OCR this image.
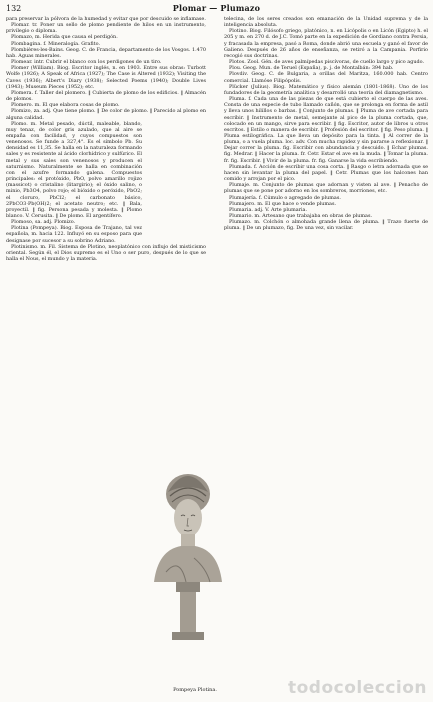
132	Plomar — Plumazo

para preservar la pólvora de la humedad y evitar que por descuido se inflamase.

Plomar. tr. Poner un sello de plomo pendiente de hilos en un instrumento, privilegio o diploma.

Plomazo, m. Herida que causa el perdigón.

Plombagina. f. Mineralogía. Grafito.

Plombières-les-Bains. Geog. C. de Francia, departamento de los Vosgos. 1.470 hab. Aguas minerales.

Plomear. intr. Cubrir el blanco con los perdigones de un tiro.

Plomer (William). Biog. Escritor inglés, n. en 1903. Entre sus obras: Turbott Wolfe (1926); A Speak of Africa (1927); The Case is Altered (1932); Visiting the Caves (1936); Albert's Diary (1938); Selected Poems (1940); Double Lives (1943); Museum Pieces (1952); etc.

Plomera. f. Taller del plomero. ‖ Cubierta de plomo de los edificios. ‖ Almacén de plomos.

Plomero. m. El que elabora cosas de plomo.

Plomizo, za. adj. Que tiene plomo. ‖ De color de plomo. ‖ Parecido al plomo en alguna calidad.

Plomo. m. Metal pesado, dúctil, maleable, blando, muy tenaz, de color gris azulado, que al aire se empaña con facilidad, y cuyos compuestos son venenosos. Se funde a 327,4°. Es el símbolo Pb. Su densidad es 11,35. Se halla en la naturaleza formando sales y es resistente al ácido clorhídrico y sulfúrico. El metal y sus sales son venenosos y producen el saturnismo. Naturalmente se halla en combinación con el azufre formando galena. Compuestos principales: el protóxido, PbO, polvo amarillo rojizo (massicot) o cristalino (litargirio); el óxido salino, o minio, Pb3O4, polvo rojo; el bióxido o peróxido, PbO2; el cloruro, PbCl2; el carbonato básico, 2PbCO3·Pb(OH)2; el acetato neutro; etc. ‖ Bala, proyectil. ‖ fig. Persona pesada y molesta. ‖ Plomo blanco. V. Cerusita. ‖ De plomo. El argentífero.

Plomoso, sa. adj. Plomizo.

Plotina (Pompeya). Biog. Esposa de Trajano, tal vez española, m. hacia 122. Influyó en su esposo para que designase por sucesor a su sobrino Adriano.

Plotinismo. m. Fil. Sistema de Plotino, neoplatónico con influjo del misticismo oriental. Según él, el Dios supremo es el Uno o ser puro, después de lo que se halla el Nous, el mundo y la materia.

telecina, de los seres creados son emanación de la Unidad suprema y de la inteligencia absoluta.

Plotino. Biog. Filósofo griego, platónico, n. en Licópolis o en Licón (Egipto) h. el 205 y m. en 270 d. de J.C. Tomó parte en la expedición de Gordiano contra Persia, y fracasada la empresa, pasó a Roma, donde abrió una escuela y ganó el favor de Galieno. Después de 26 años de enseñanza, se retiró a la Campania. Porfirio recogió sus doctrinas.

Plotos. Zool. Gén. de aves palmípedas piscívoras, de cuello largo y pico agudo.

Plou. Geog. Mun. de Teruel (España), p. j. de Montalbán: 394 hab.

Plovdiv. Geog. C. de Bulgaria, a orillas del Maritza, 160.000 hab. Centro comercial. Llamóse Filipópolis.

Plücker (Julius). Biog. Matemático y físico alemán (1801-1868). Uno de los fundadores de la geometría analítica y desarrolló una teoría del diamagnetismo.

Pluma. f. Cada una de las piezas de que está cubierto el cuerpo de las aves. Consta de una especie de tubo llamado cañón, que se prolonga en forma de astil y lleva unos hilillos o barbas. ‖ Conjunto de plumas. ‖ Pluma de ave cortada para escribir. ‖ Instrumento de metal, semejante al pico de la pluma cortada, que, colocado en un mango, sirve para escribir. ‖ fig. Escritor, autor de libros u otros escritos. ‖ Estilo o manera de escribir. ‖ Profesión del escritor. ‖ fig. Peso pluma. ‖ Pluma estilográfica. La que lleva un depósito para la tinta. ‖ Al correr de la pluma, o a vuela pluma. loc. adv. Con mucha rapidez y sin pararse a reflexionar. ‖ Dejar correr la pluma. fig. Escribir con abundancia y descuido. ‖ Echar plumas. fig. Medrar. ‖ Hacer la pluma. fr. Cetr. Estar el ave en la muda. ‖ Tomar la pluma. fr. fig. Escribir. ‖ Vivir de la pluma. fr. fig. Ganarse la vida escribiendo.

Plumada. f. Acción de escribir una cosa corta. ‖ Rasgo o letra adornada que se hacen sin levantar la pluma del papel. ‖ Cetr. Plumas que los halcones han comido y arrojan por el pico.

Plumaje. m. Conjunto de plumas que adornan y visten al ave. ‖ Penacho de plumas que se pone por adorno en los sombreros, morriones, etc.

Plumajería. f. Cúmulo o agregado de plumas.

Plumajero. m. El que hace o vende plumas.

Plumaria. adj. V. Arte plumaria.

Plumario. m. Artesano que trabajaba en obras de plumas.

Plumazo. m. Colchón o almohada grande llena de pluma. ‖ Trazo fuerte de pluma. ‖ De un plumazo, fig. De una vez, sin vacilar.

Pompeya Plotina.	todocoleccion
